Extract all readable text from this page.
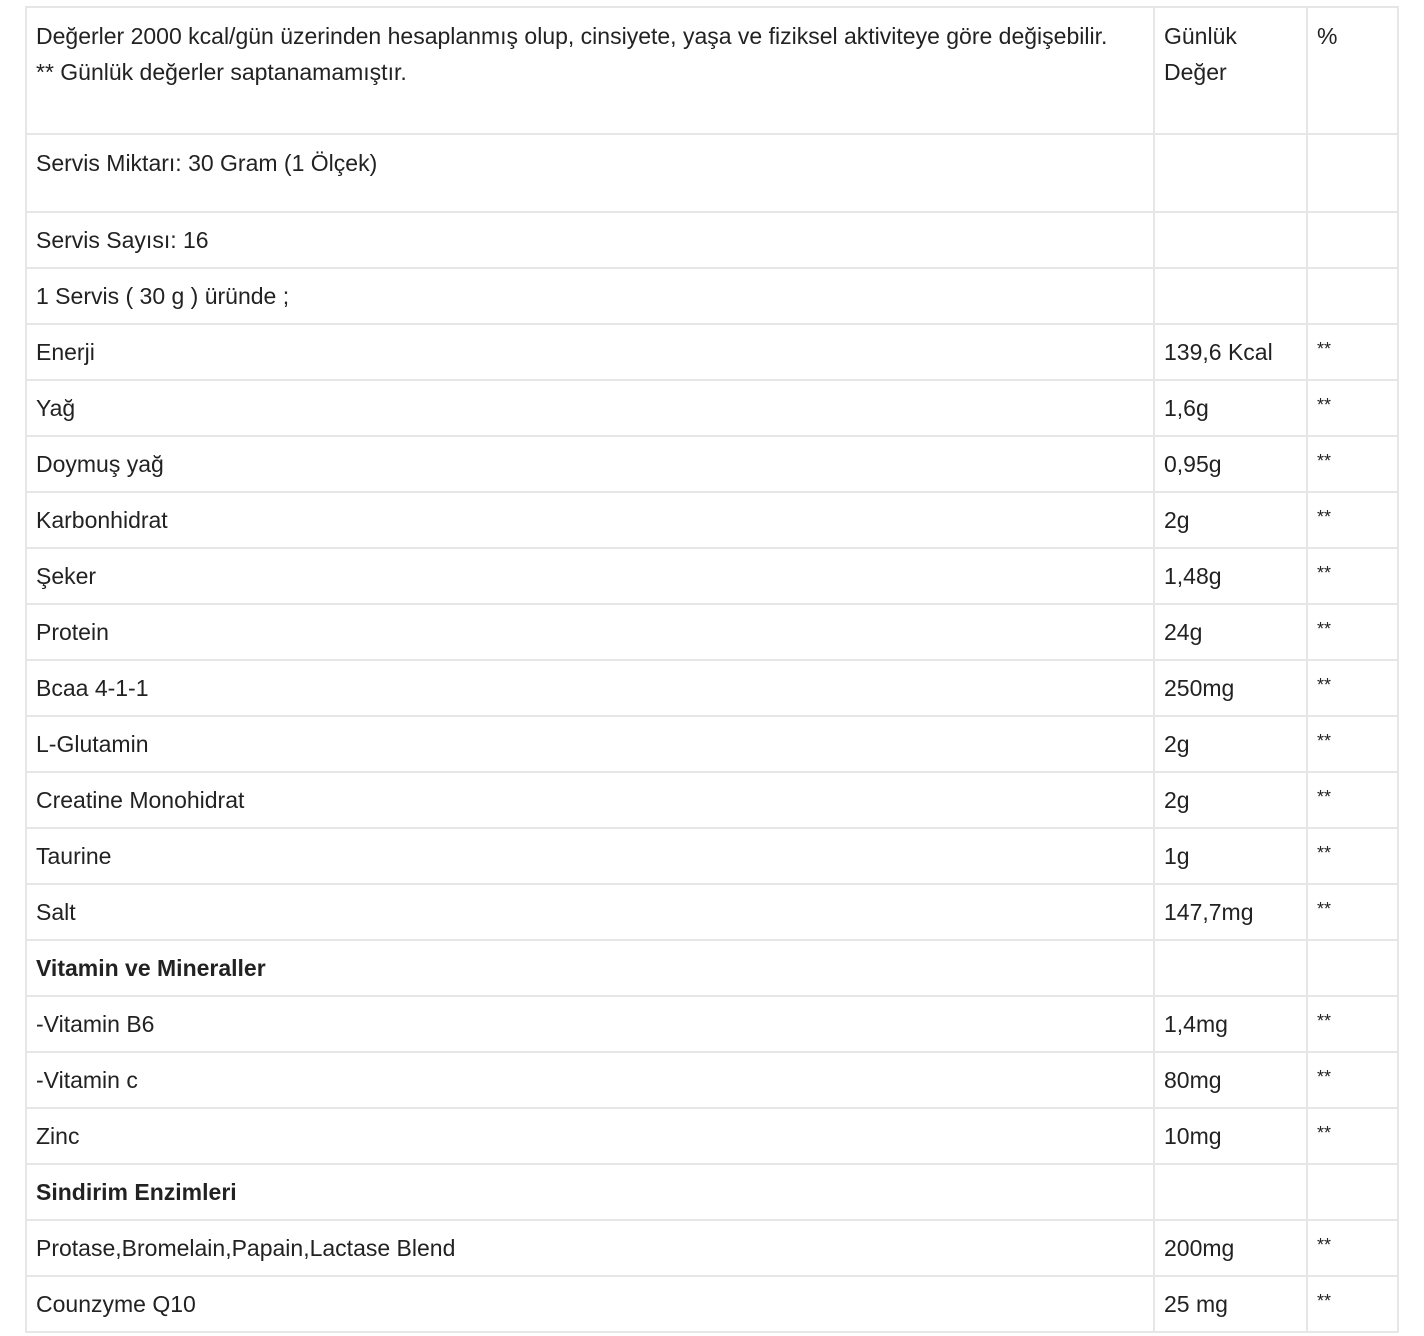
Değerler 2000 kcal/gün üzerinden hesaplanmış olup, cinsiyete, yaşa ve fiziksel aktiviteye göre değişebilir.
** Günlük değerler saptanamamıştır.	Günlük Değer	%
Servis Miktarı: 30 Gram (1 Ölçek)		
Servis Sayısı: 16		
1 Servis ( 30 g ) üründe ;		
Enerji	139,6 Kcal	**
Yağ	1,6g	**
Doymuş yağ	0,95g	**
Karbonhidrat	2g	**
Şeker	1,48g	**
Protein	24g	**
Bcaa 4-1-1	250mg	**
L-Glutamin	2g	**
Creatine Monohidrat	2g	**
Taurine	1g	**
Salt	147,7mg	**
Vitamin ve Mineraller		
-Vitamin B6	1,4mg	**
-Vitamin c	80mg	**
Zinc	10mg	**
Sindirim Enzimleri		
Protase,Bromelain,Papain,Lactase Blend	200mg	**
Counzyme Q10	25 mg	**
